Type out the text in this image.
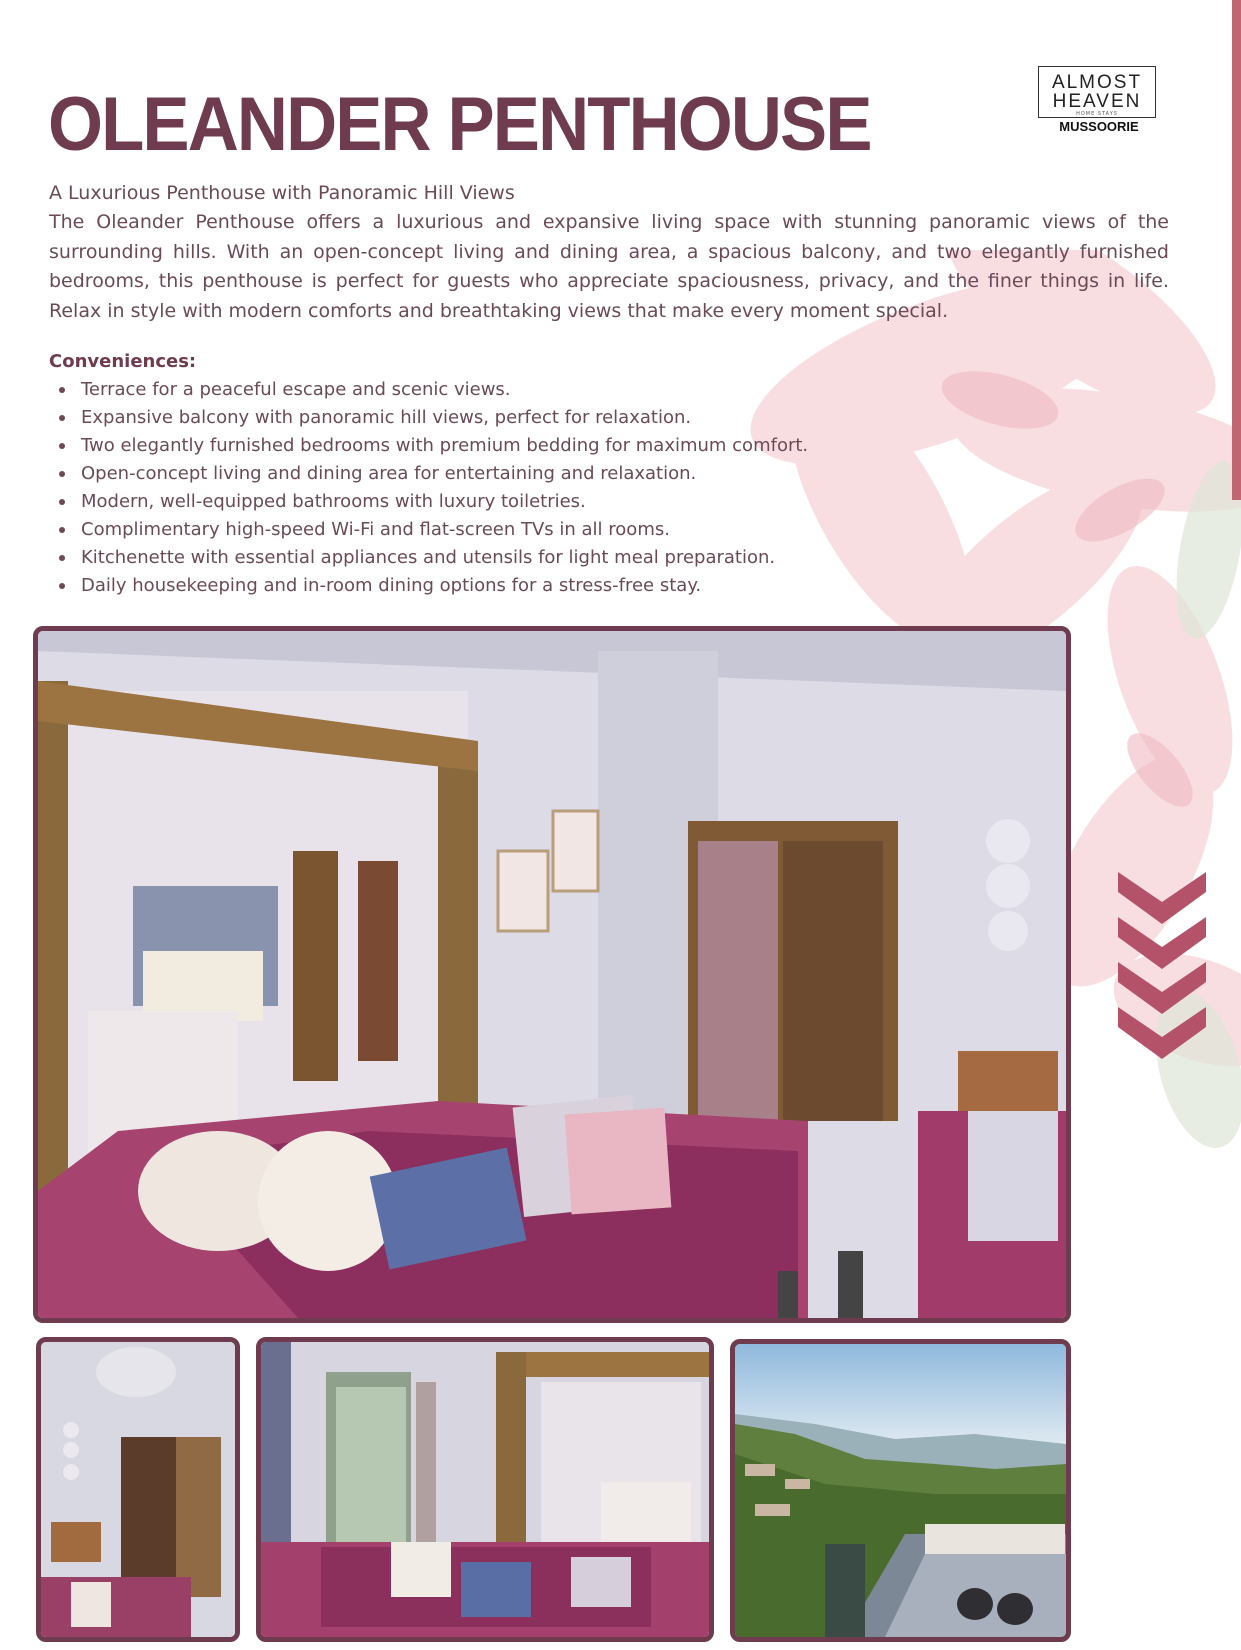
OLEANDER PENTHOUSE	ALMOST
HEAVEN
HOME STAYS
MUSSOORIE

A Luxurious Penthouse with Panoramic Hill Views

The Oleander Penthouse offers a luxurious and expansive living space with stunning panoramic views of the surrounding hills. With an open-concept living and dining area, a spacious balcony, and two elegantly furnished bedrooms, this penthouse is perfect for guests who appreciate spaciousness, privacy, and the finer things in life. Relax in style with modern comforts and breathtaking views that make every moment special.

Conveniences:

Terrace for a peaceful escape and scenic views.
Expansive balcony with panoramic hill views, perfect for relaxation.
Two elegantly furnished bedrooms with premium bedding for maximum comfort.
Open-concept living and dining area for entertaining and relaxation.
Modern, well-equipped bathrooms with luxury toiletries.
Complimentary high-speed Wi-Fi and flat-screen TVs in all rooms.
Kitchenette with essential appliances and utensils for light meal preparation.
Daily housekeeping and in-room dining options for a stress-free stay.
